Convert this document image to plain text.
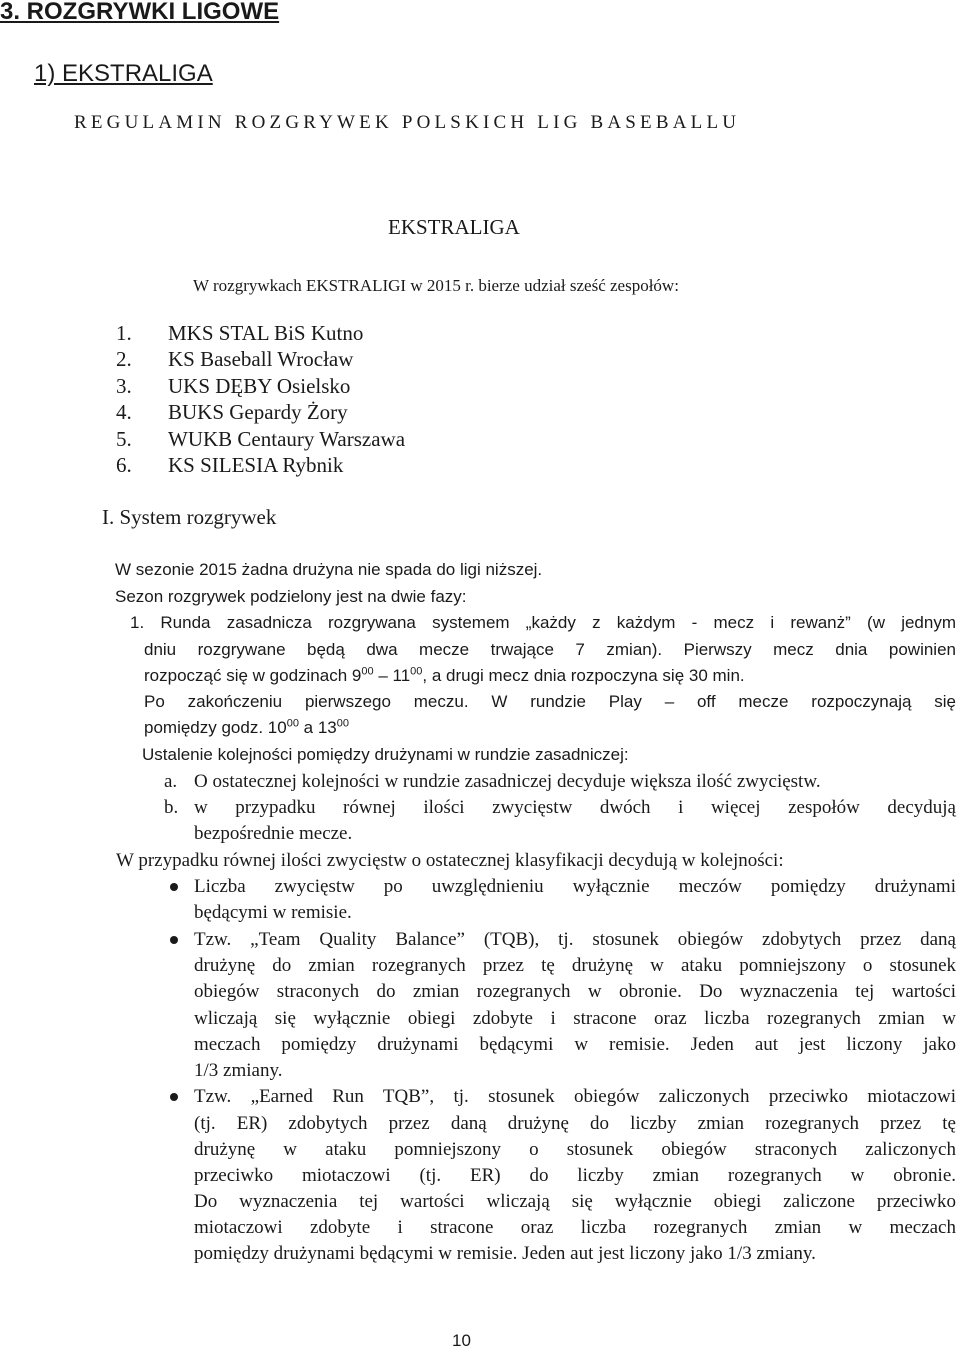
3. ROZGRYWKI LIGOWE
1) EKSTRALIGA
REGULAMIN ROZGRYWEK POLSKICH LIG BASEBALLU
EKSTRALIGA
W rozgrywkach EKSTRALIGI w 2015 r. bierze udział sześć zespołów:
1. MKS STAL BiS Kutno
2. KS Baseball Wrocław
3. UKS DĘBY Osielsko
4. BUKS Gepardy Żory
5. WUKB Centaury Warszawa
6. KS SILESIA Rybnik
I. System rozgrywek
W sezonie 2015 żadna drużyna nie spada do ligi niższej.
Sezon rozgrywek podzielony jest na dwie fazy:
1. Runda zasadnicza rozgrywana systemem „każdy z każdym - mecz i rewanż” (w jednym
dniu rozgrywane będą dwa mecze trwające 7 zmian). Pierwszy mecz dnia powinien
rozpocząć się w godzinach $9^{00} - 11^{00}$, a drugi mecz dnia rozpoczyna się 30 min.
Po zakończeniu pierwszego meczu. W rundzie Play – off mecze rozpoczynają się
pomiędzy godz. $10^{00}$ a $13^{00}$
Ustalenie kolejności pomiędzy drużynami w rundzie zasadniczej:
a. O ostatecznej kolejności w rundzie zasadniczej decyduje większa ilość zwycięstw.
b. w przypadku równej ilości zwycięstw dwóch i więcej zespołów decydują
bezpośrednie mecze.
W przypadku równej ilości zwycięstw o ostatecznej klasyfikacji decydują w kolejności:
Liczba zwycięstw po uwzględnieniu wyłącznie meczów pomiędzy drużynami
będącymi w remisie.
Tzw. „Team Quality Balance” (TQB), tj. stosunek obiegów zdobytych przez daną
drużynę do zmian rozegranych przez tę drużynę w ataku pomniejszony o stosunek
obiegów straconych do zmian rozegranych w obronie. Do wyznaczenia tej wartości
wliczają się wyłącznie obiegi zdobyte i stracone oraz liczba rozegranych zmian w
meczach pomiędzy drużynami będącymi w remisie. Jeden aut jest liczony jako
1/3 zmiany.
Tzw. „Earned Run TQB”, tj. stosunek obiegów zaliczonych przeciwko miotaczowi
(tj. ER) zdobytych przez daną drużynę do liczby zmian rozegranych przez tę
drużynę w ataku pomniejszony o stosunek obiegów straconych zaliczonych
przeciwko miotaczowi (tj. ER) do liczby zmian rozegranych w obronie.
Do wyznaczenia tej wartości wliczają się wyłącznie obiegi zaliczone przeciwko
miotaczowi zdobyte i stracone oraz liczba rozegranych zmian w meczach
pomiędzy drużynami będącymi w remisie. Jeden aut jest liczony jako 1/3 zmiany.
10
